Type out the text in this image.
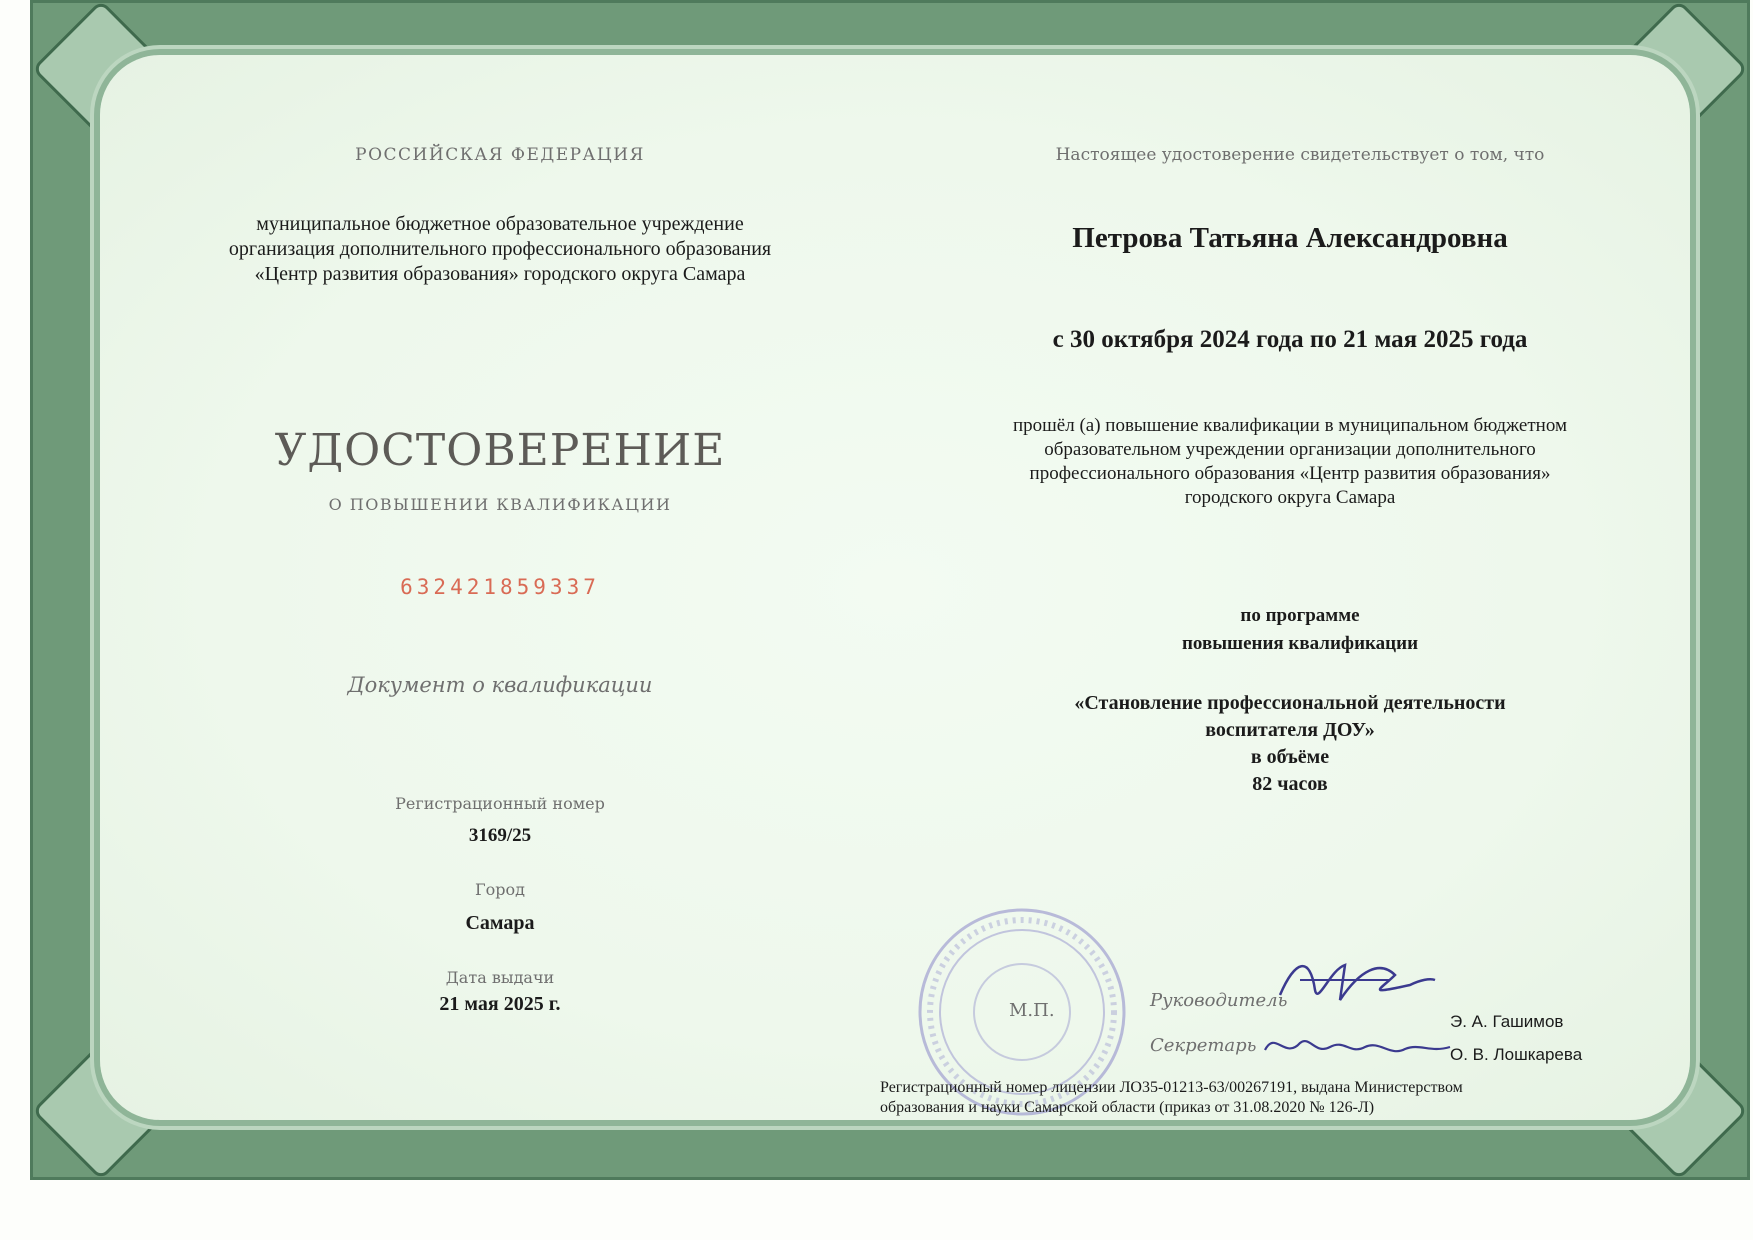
РОССИЙСКАЯ ФЕДЕРАЦИЯ
муниципальное бюджетное образовательное учреждение
организация дополнительного профессионального образования
«Центр развития образования» городского округа Самара
УДОСТОВЕРЕНИЕ
О ПОВЫШЕНИИ КВАЛИФИКАЦИИ
632421859337
Документ о квалификации
Регистрационный номер
3169/25
Город
Самара
Дата выдачи
21 мая 2025 г.
Настоящее удостоверение свидетельствует о том, что
Петрова Татьяна Александровна
с 30 октября 2024 года по 21 мая 2025 года
прошёл (а) повышение квалификации в муниципальном бюджетном
образовательном учреждении организации дополнительного
профессионального образования «Центр развития образования»
городского округа Самара
по программе
повышения квалификации
«Становление профессиональной деятельности
воспитателя ДОУ»
в объёме
82 часов
М.П.	Руководитель
Э. А. Гашимов
Секретарь	О. В. Лошкарева
Регистрационный номер лицензии ЛО35-01213-63/00267191, выдана Министерством
образования и науки Самарской области (приказ от 31.08.2020 № 126-Л)
